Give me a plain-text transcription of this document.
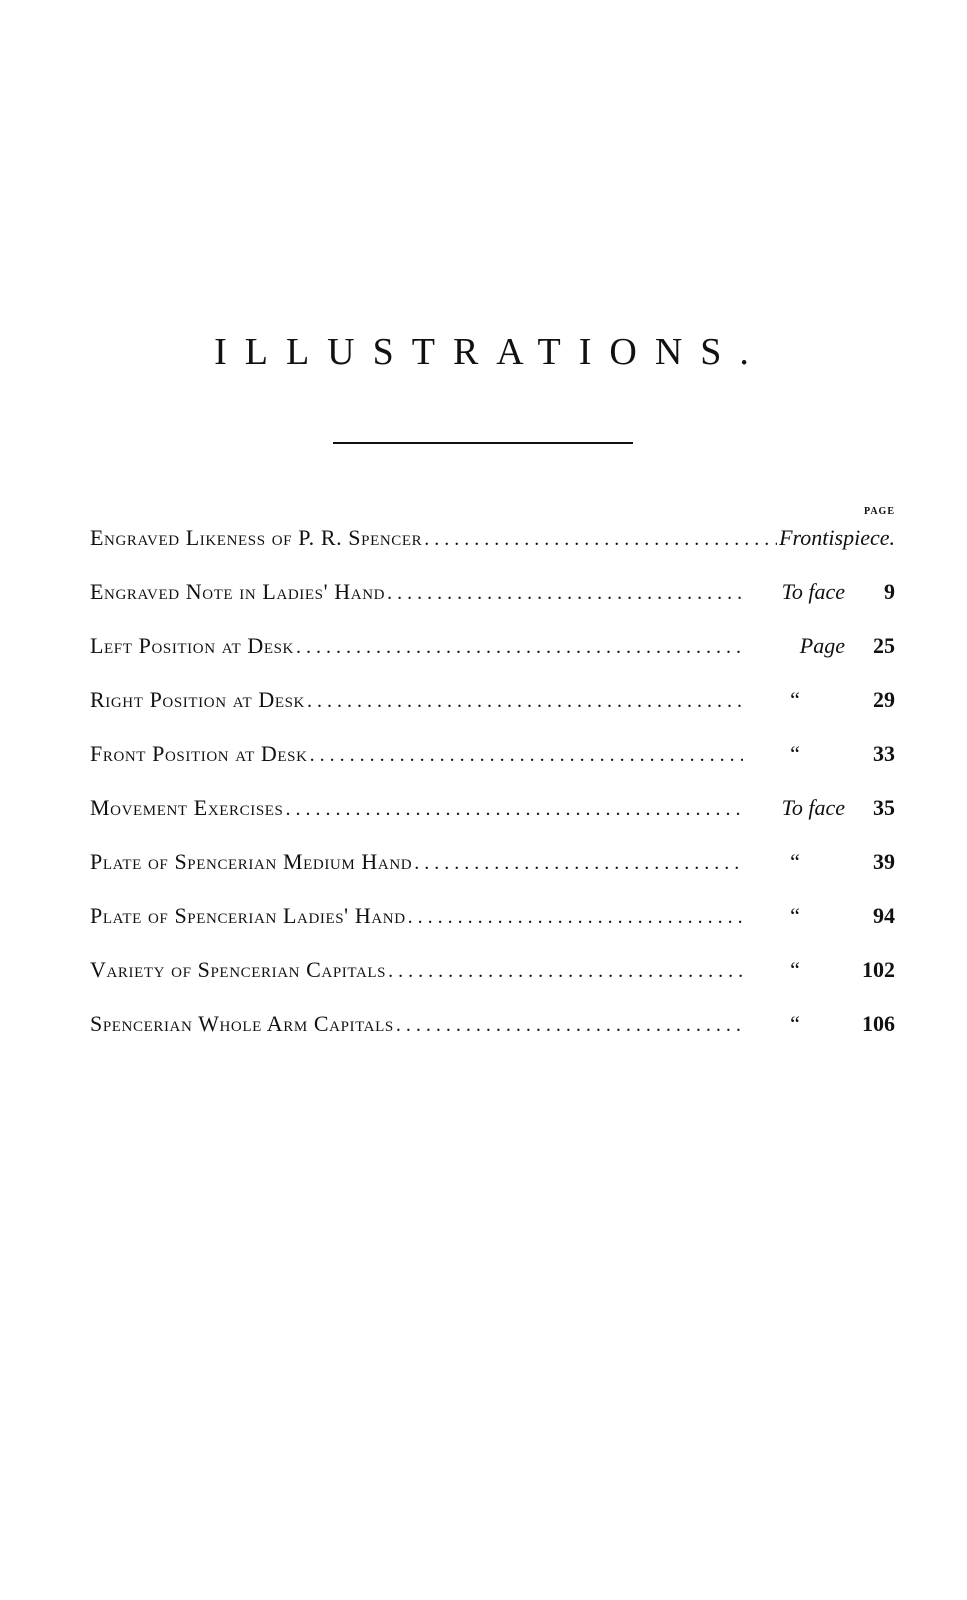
ILLUSTRATIONS.
PAGE
Engraved Likeness of P. R. Spencer . . .	Frontispiece.
Engraved Note in Ladies' Hand . . .	To face	9
Left Position at Desk . . .	Page	25
Right Position at Desk . . .	“	29
Front Position at Desk . . .	“	33
Movement Exercises . . .	To face	35
Plate of Spencerian Medium Hand . . .	“	39
Plate of Spencerian Ladies' Hand . . .	“	94
Variety of Spencerian Capitals . . .	“	102
Spencerian Whole Arm Capitals . . .	“	106
